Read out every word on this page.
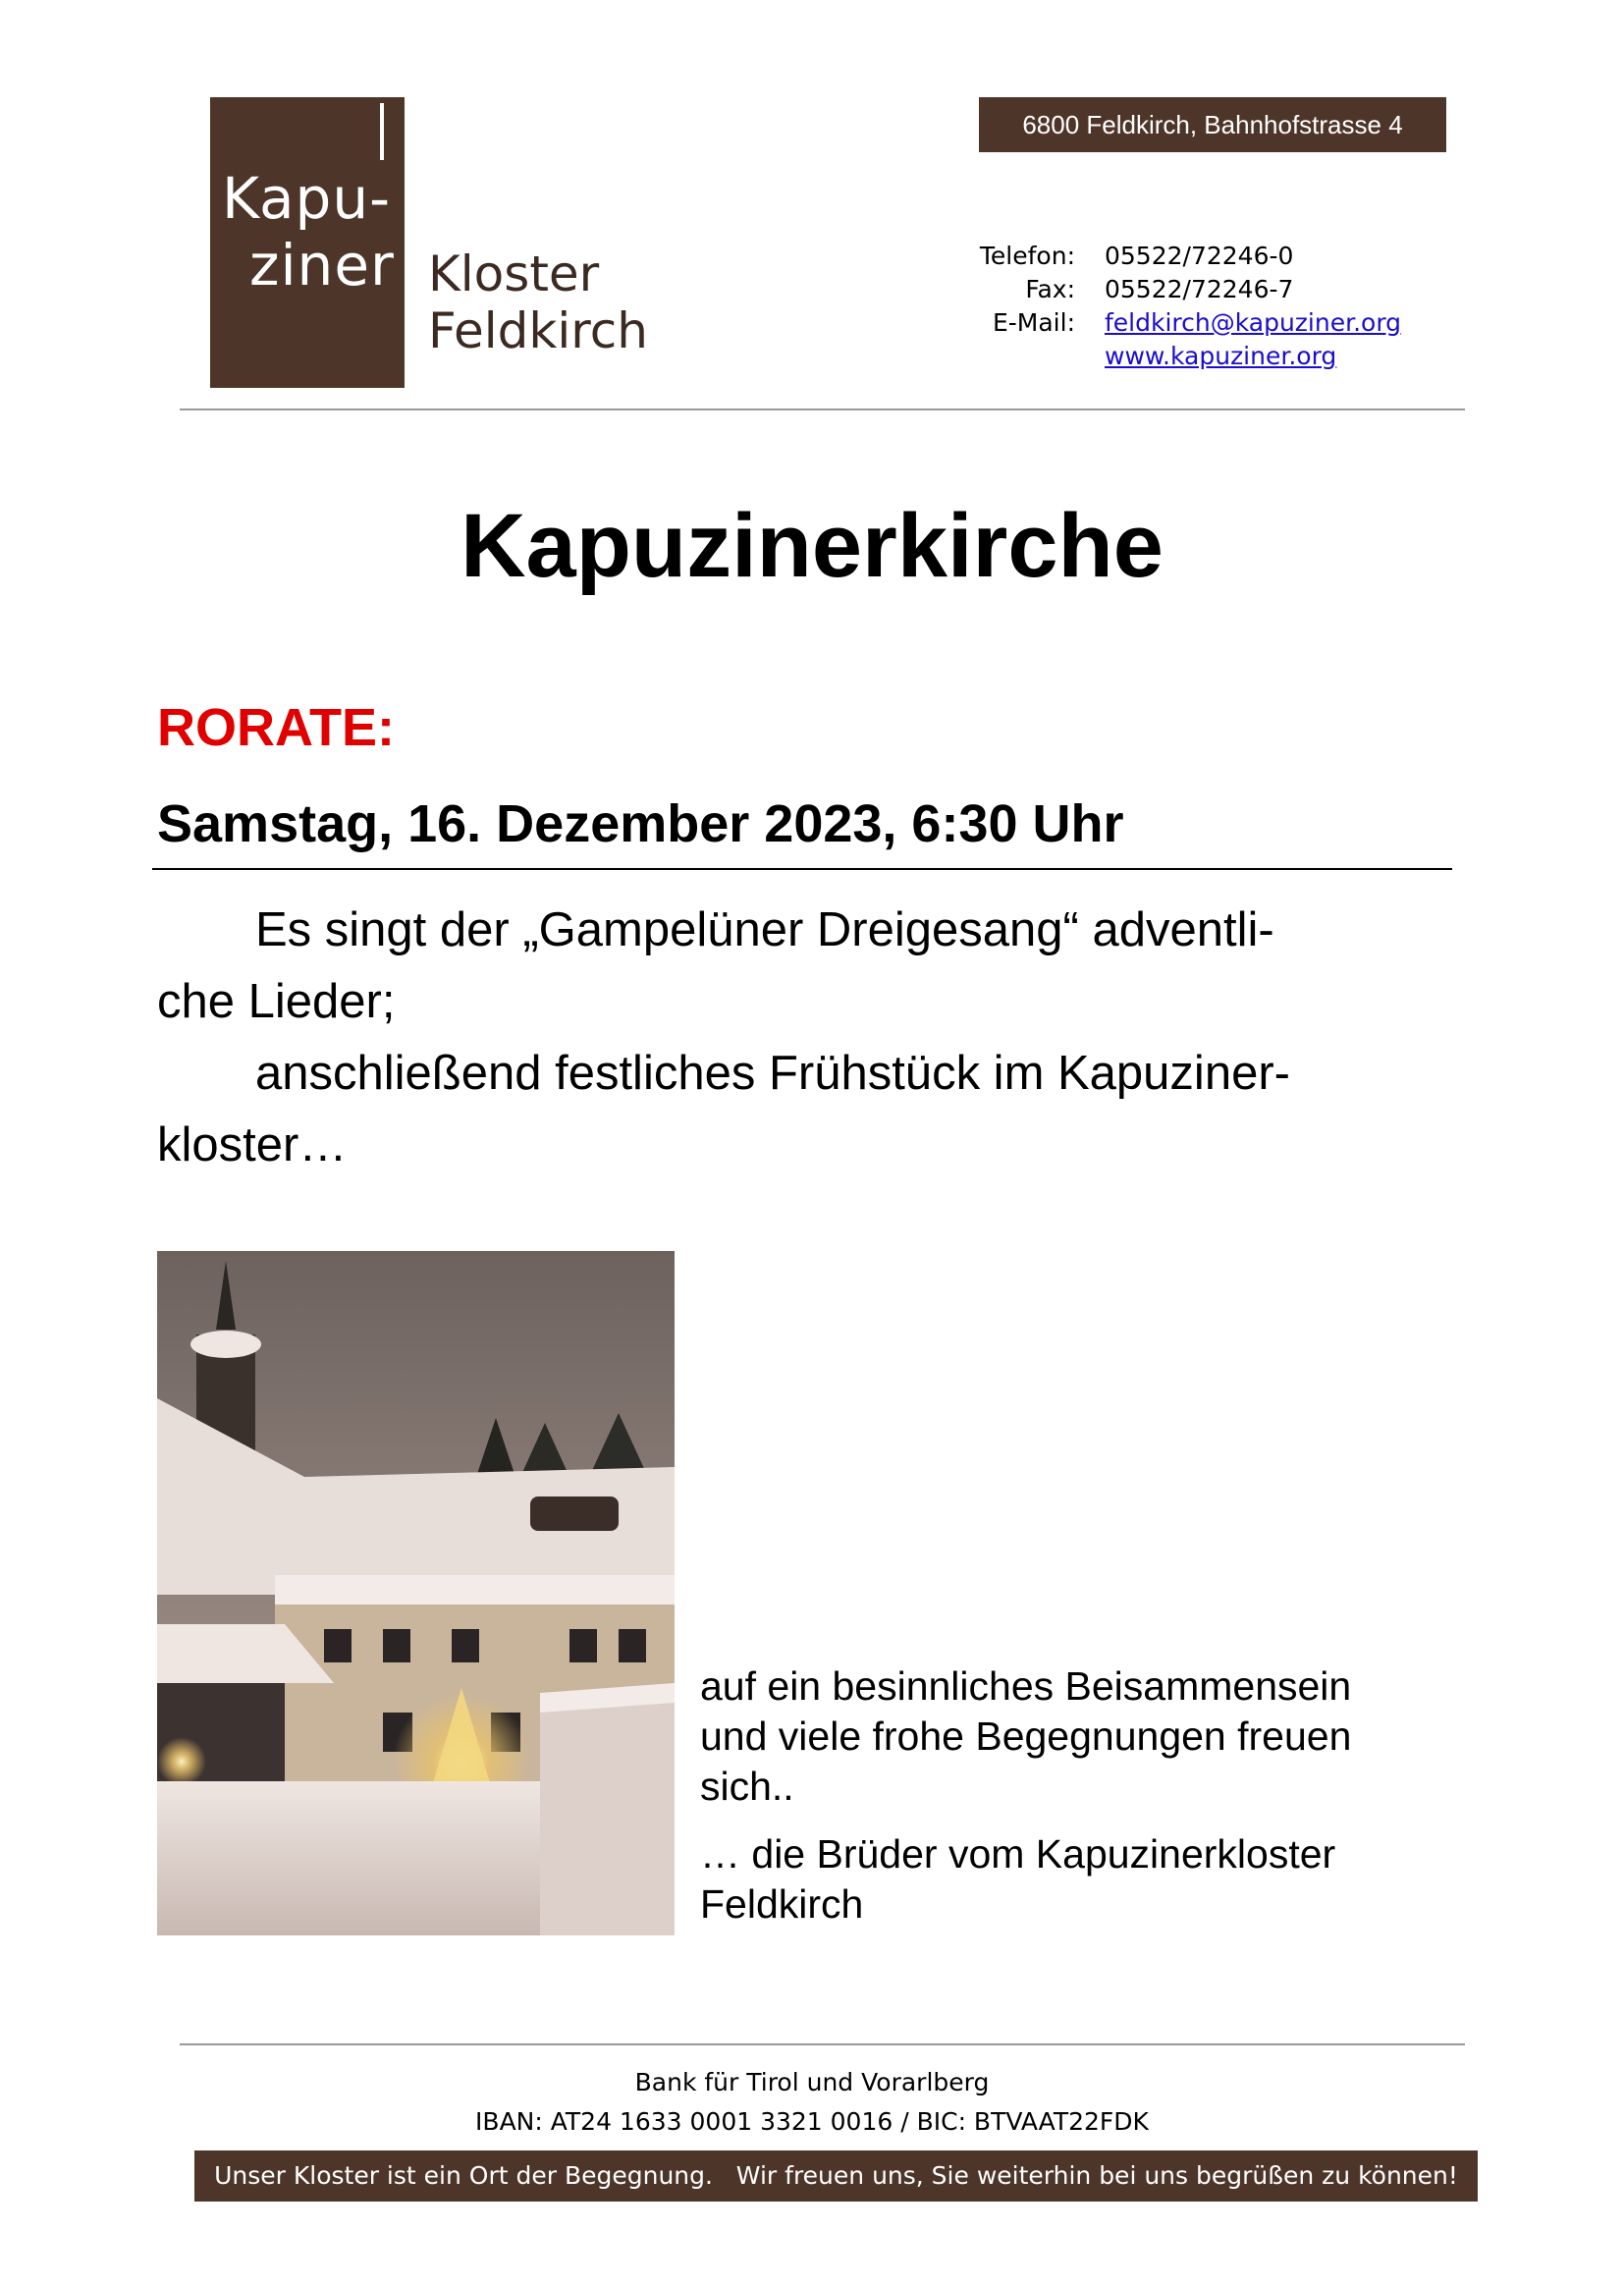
Kapu-
ziner Kloster
Feldkirch
6800 Feldkirch, Bahnhofstrasse 4
Telefon: 05522/72246-0
Fax: 05522/72246-7
E-Mail: feldkirch@kapuziner.org
www.kapuziner.org
Kapuzinerkirche
RORATE:
Samstag, 16. Dezember 2023, 6:30 Uhr
Es singt der „Gampelüner Dreigesang“ adventli-
che Lieder;
anschließend festliches Frühstück im Kapuziner-
kloster…
auf ein besinnliches Beisammensein
und viele frohe Begegnungen freuen
sich..
… die Brüder vom Kapuzinerkloster
Feldkirch
Bank für Tirol und Vorarlberg
IBAN: AT24 1633 0001 3321 0016 / BIC: BTVAAT22FDK
Unser Kloster ist ein Ort der Begegnung.   Wir freuen uns, Sie weiterhin bei uns begrüßen zu können!
